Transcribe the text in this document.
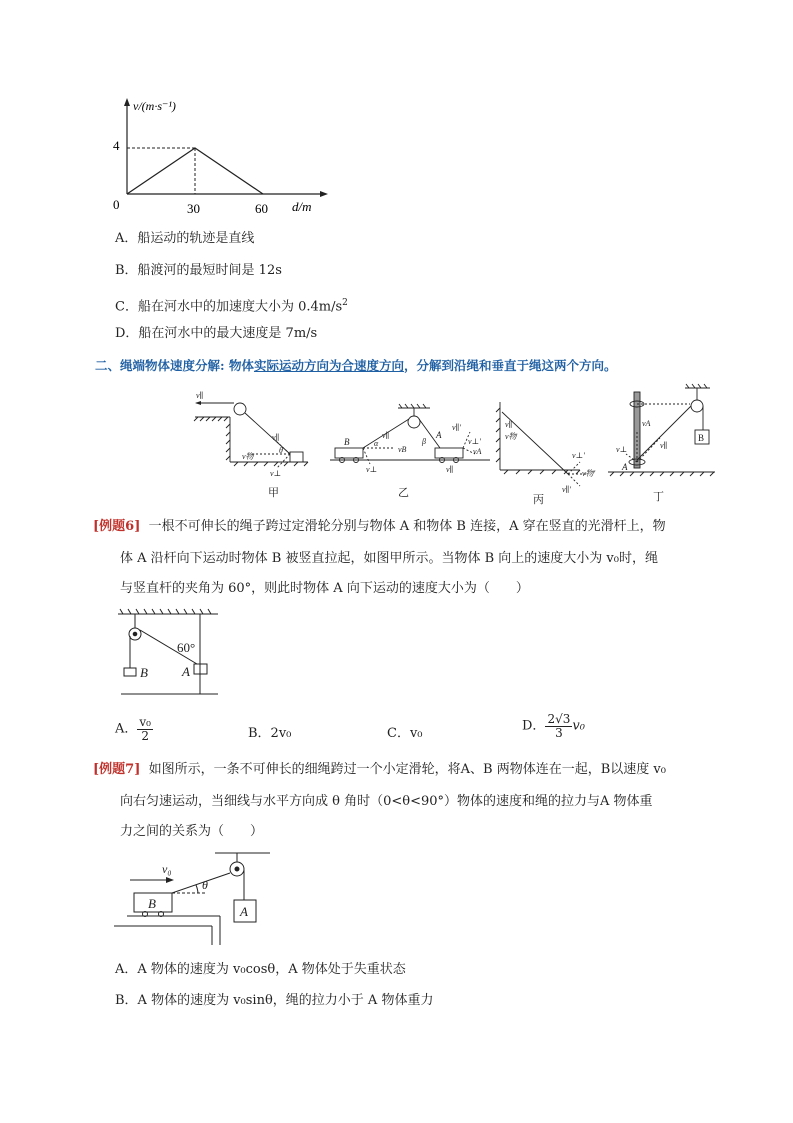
v/(m·s⁻¹)
4
0	30	60 d/m
A．船运动的轨迹是直线
B．船渡河的最短时间是 12s
C．船在河水中的加速度大小为 $0.4m/s^2$
D．船在河水中的最大速度是 7m/s
二、绳端物体速度分解: 物体实际运动方向为合速度方向，分解到沿绳和垂直于绳这两个方向。
v∥
v∥
θ
v物
v⊥
B	α
v∥
vB
v⊥
β
A
v∥′
v⊥′
vA
v∥
v∥
v物
v⊥′
v物′
v∥′
vA
v∥
v⊥
A
B
甲	乙
丙	丁
[例题6] 一根不可伸长的绳子跨过定滑轮分别与物体 A 和物体 B 连接，A 穿在竖直的光滑杆上，物
体 A 沿杆向下运动时物体 B 被竖直拉起，如图甲所示。当物体 B 向上的速度大小为 v₀时，绳
与竖直杆的夹角为 60°，则此时物体 A 向下运动的速度大小为（　　）
60°
B	A
A． $\frac{\text{v₀}}{2}$	B．2v₀	C．v₀	D． $\frac{2√3}{3} v_0$
[例题7] 如图所示，一条不可伸长的细绳跨过一个小定滑轮，将A、B 两物体连在一起，B以速度 v₀
向右匀速运动，当细线与水平方向成 θ 角时（0<θ<90°）物体的速度和绳的拉力与A 物体重
力之间的关系为（　　）
v₀
θ
B
A
A．A 物体的速度为 v₀cosθ，A 物体处于失重状态
B．A 物体的速度为 v₀sinθ，绳的拉力小于 A 物体重力
